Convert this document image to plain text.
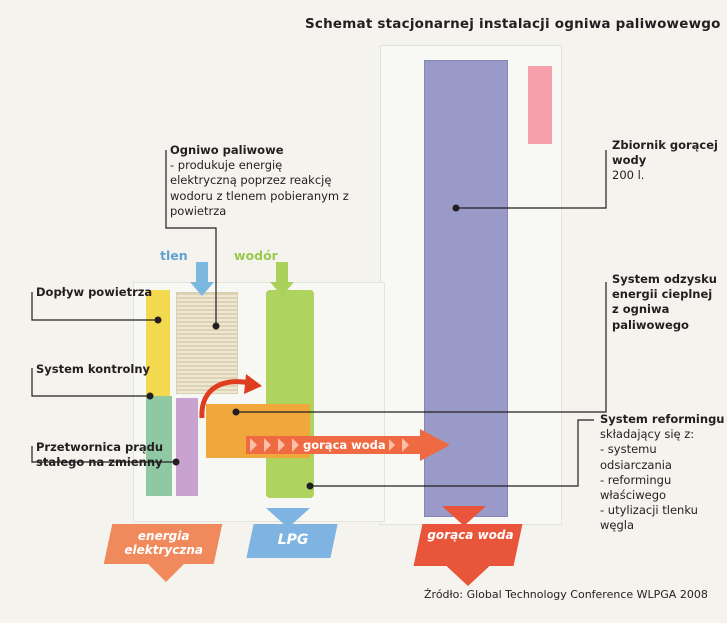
Schemat stacjonarnej instalacji ogniwa paliwowewgo
tlen	wodór
gorąca woda
Ogniwo paliwowe
- produkuje energię elektryczną poprzez reakcję wodoru z tlenem pobieranym z powietrza
Dopływ powietrza
System kontrolny
Przetwornica prądu stałego na zmienny
Zbiornik gorącej wody
200 l.
System odzysku energii cieplnej z ogniwa paliwowego
System reformingu
składający się z:
- systemu odsiarczania
- reformingu właściwego
- utylizacji tlenku węgla
energia elektryczna
LPG	gorąca woda
Źródło: Global Technology Conference WLPGA 2008
